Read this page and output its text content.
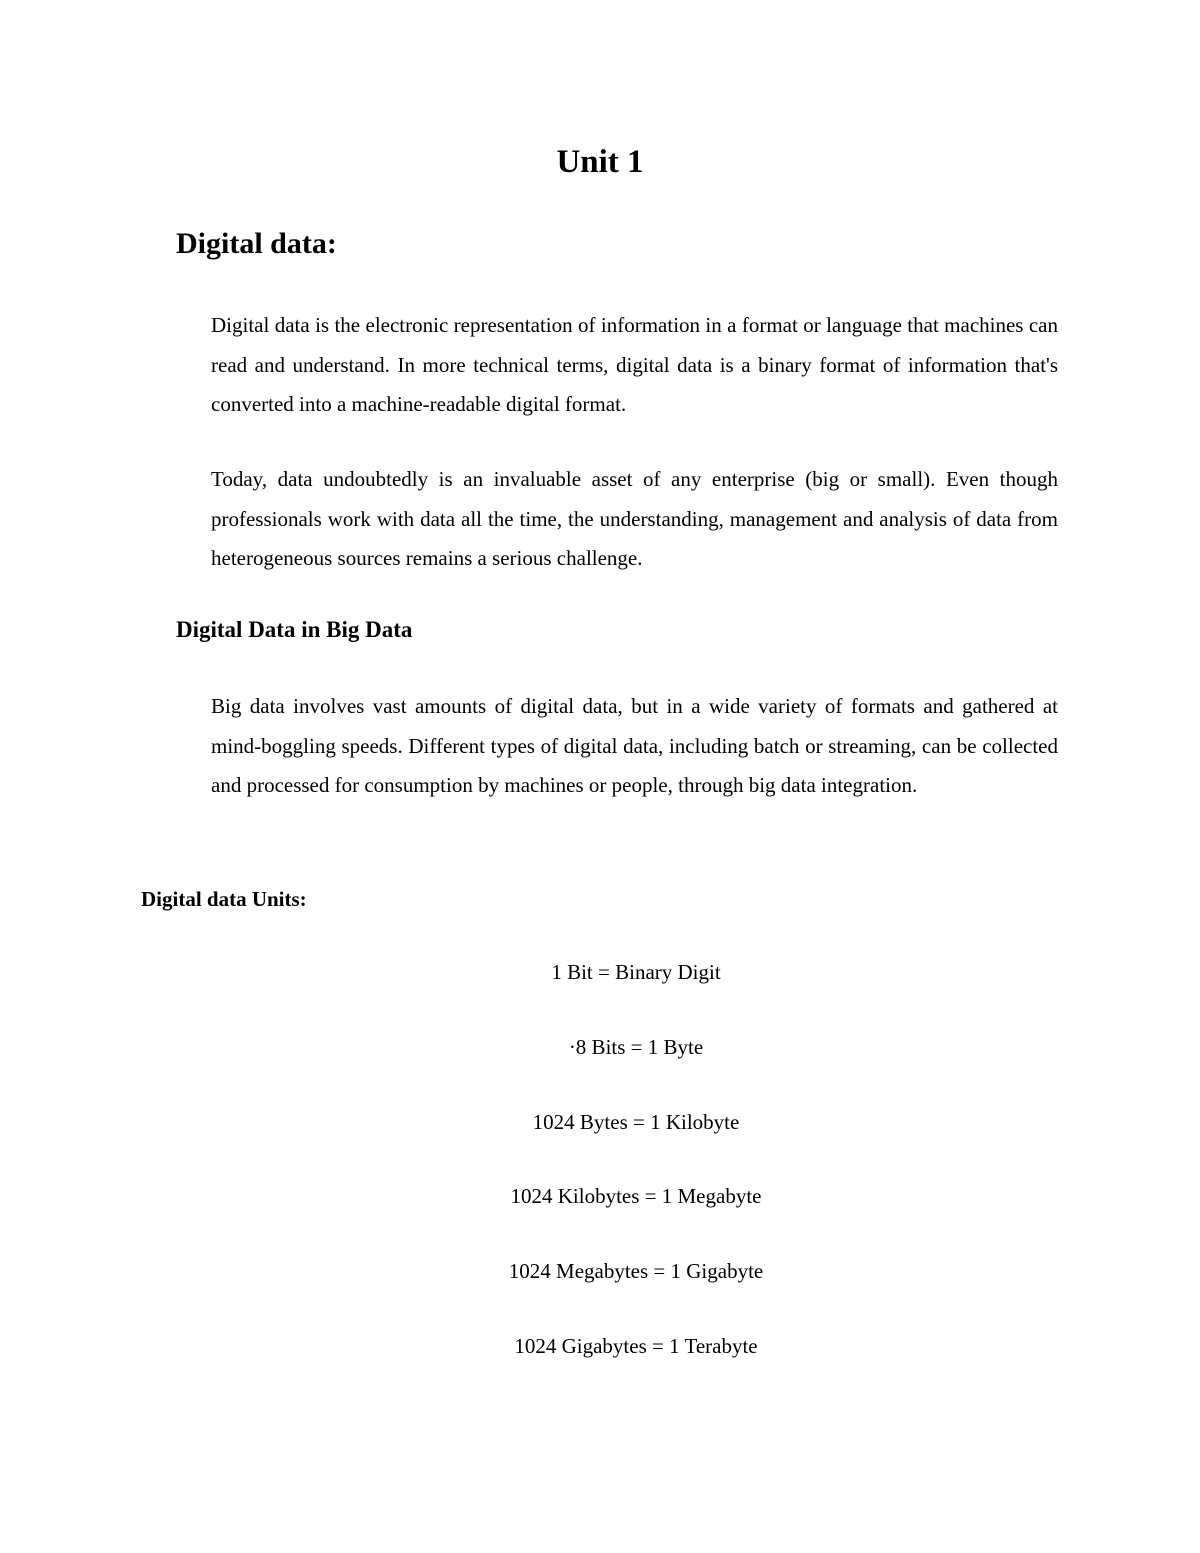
Unit 1
Digital data:

Digital data is the electronic representation of information in a format or language that machines can read and understand. In more technical terms, digital data is a binary format of information that's converted into a machine-readable digital format.

Today, data undoubtedly is an invaluable asset of any enterprise (big or small). Even though professionals work with data all the time, the understanding, management and analysis of data from heterogeneous sources remains a serious challenge.

Digital Data in Big Data

Big data involves vast amounts of digital data, but in a wide variety of formats and gathered at mind-boggling speeds. Different types of digital data, including batch or streaming, can be collected and processed for consumption by machines or people, through big data integration.

Digital data Units:
1 Bit = Binary Digit
·8 Bits = 1 Byte
1024 Bytes = 1 Kilobyte
1024 Kilobytes = 1 Megabyte
1024 Megabytes = 1 Gigabyte
1024 Gigabytes = 1 Terabyte
